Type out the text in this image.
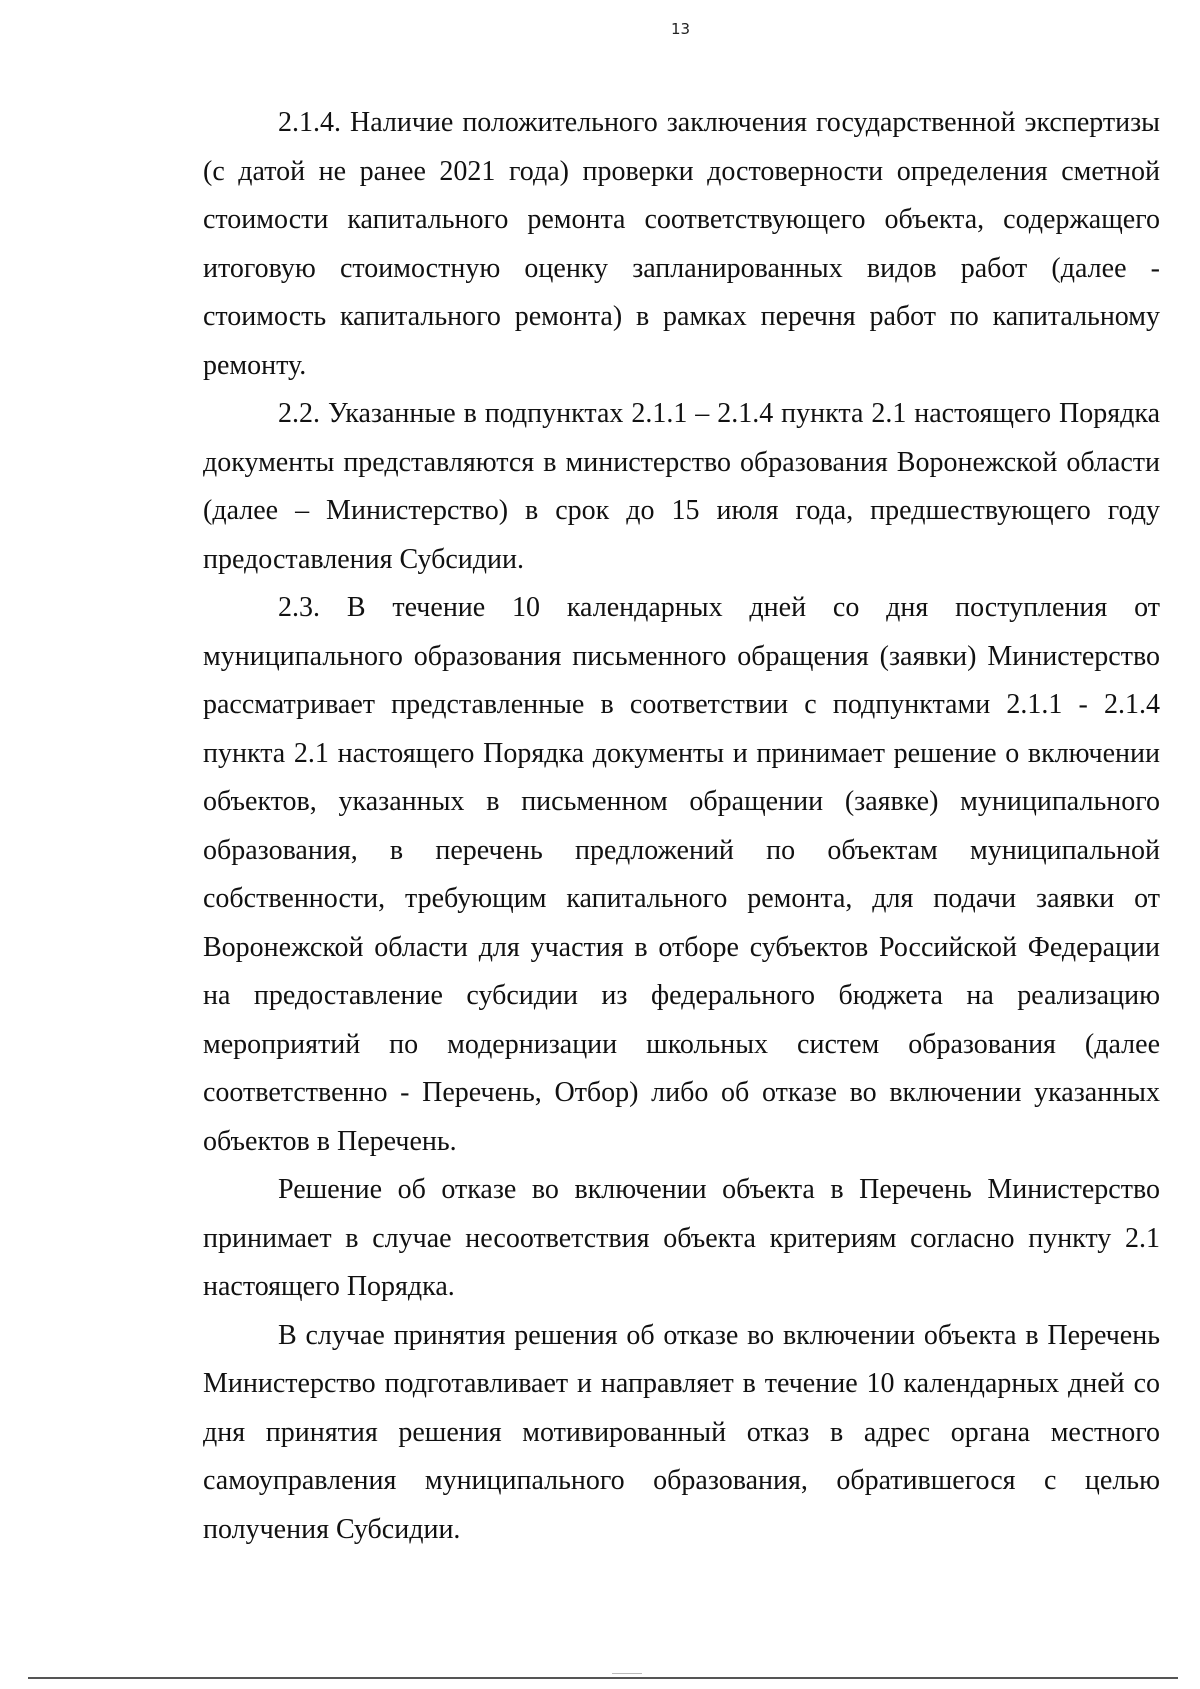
13

2.1.4. Наличие положительного заключения государственной экспертизы (с датой не ранее 2021 года) проверки достоверности определения сметной стоимости капитального ремонта соответствующего объекта, содержащего итоговую стоимостную оценку запланированных видов работ (далее - стоимость капитального ремонта) в рамках перечня работ по капитальному ремонту.

2.2. Указанные в подпунктах 2.1.1 – 2.1.4 пункта 2.1 настоящего Порядка документы представляются в министерство образования Воронежской области (далее – Министерство) в срок до 15 июля года, предшествующего году предоставления Субсидии.

2.3. В течение 10 календарных дней со дня поступления от муниципального образования письменного обращения (заявки) Министерство рассматривает представленные в соответствии с подпунктами 2.1.1 - 2.1.4 пункта 2.1 настоящего Порядка документы и принимает решение о включении объектов, указанных в письменном обращении (заявке) муниципального образования, в перечень предложений по объектам муниципальной собственности, требующим капитального ремонта, для подачи заявки от Воронежской области для участия в отборе субъектов Российской Федерации на предоставление субсидии из федерального бюджета на реализацию мероприятий по модернизации школьных систем образования (далее соответственно - Перечень, Отбор) либо об отказе во включении указанных объектов в Перечень.

Решение об отказе во включении объекта в Перечень Министерство принимает в случае несоответствия объекта критериям согласно пункту 2.1 настоящего Порядка.

В случае принятия решения об отказе во включении объекта в Перечень Министерство подготавливает и направляет в течение 10 календарных дней со дня принятия решения мотивированный отказ в адрес органа местного самоуправления муниципального образования, обратившегося с целью получения Субсидии.
